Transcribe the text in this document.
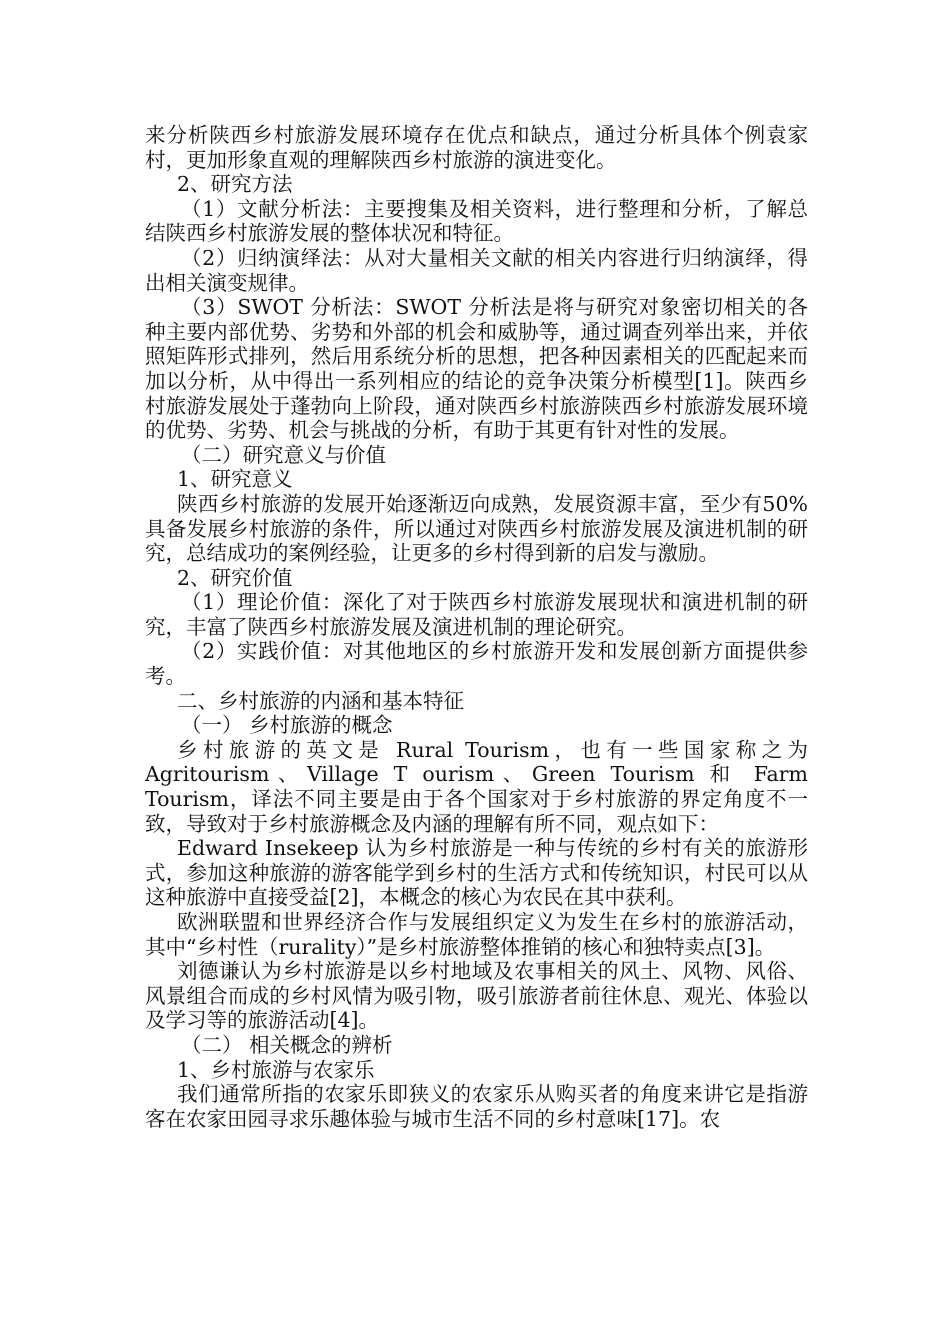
来分析陕西乡村旅游发展环境存在优点和缺点，通过分析具体个例袁家村，更加形象直观的理解陕西乡村旅游的演进变化。

2、研究方法

（1）文献分析法：主要搜集及相关资料，进行整理和分析，了解总结陕西乡村旅游发展的整体状况和特征。

（2）归纳演绎法：从对大量相关文献的相关内容进行归纳演绎，得出相关演变规律。

（3）SWOT 分析法：SWOT 分析法是将与研究对象密切相关的各种主要内部优势、劣势和外部的机会和威胁等，通过调查列举出来，并依照矩阵形式排列，然后用系统分析的思想，把各种因素相关的匹配起来而加以分析，从中得出一系列相应的结论的竞争决策分析模型[1]。陕西乡村旅游发展处于蓬勃向上阶段，通对陕西乡村旅游陕西乡村旅游发展环境的优势、劣势、机会与挑战的分析，有助于其更有针对性的发展。

（二）研究意义与价值

1、研究意义

陕西乡村旅游的发展开始逐渐迈向成熟，发展资源丰富，至少有50%具备发展乡村旅游的条件，所以通过对陕西乡村旅游发展及演进机制的研究，总结成功的案例经验，让更多的乡村得到新的启发与激励。

2、研究价值

（1）理论价值：深化了对于陕西乡村旅游发展现状和演进机制的研究，丰富了陕西乡村旅游发展及演进机制的理论研究。

（2）实践价值：对其他地区的乡村旅游开发和发展创新方面提供参考。

二、乡村旅游的内涵和基本特征

（一） 乡村旅游的概念

乡村旅游的英文是 Rural Tourism，也有一些国家称之为 Agritourism、Village T ourism、Green Tourism 和 Farm Tourism，译法不同主要是由于各个国家对于乡村旅游的界定角度不一致，导致对于乡村旅游概念及内涵的理解有所不同，观点如下：

Edward Insekeep 认为乡村旅游是一种与传统的乡村有关的旅游形式，参加这种旅游的游客能学到乡村的生活方式和传统知识，村民可以从这种旅游中直接受益[2]，本概念的核心为农民在其中获利。

欧洲联盟和世界经济合作与发展组织定义为发生在乡村的旅游活动，其中“乡村性（rurality）”是乡村旅游整体推销的核心和独特卖点[3]。

刘德谦认为乡村旅游是以乡村地域及农事相关的风土、风物、风俗、风景组合而成的乡村风情为吸引物，吸引旅游者前往休息、观光、体验以及学习等的旅游活动[4]。

（二） 相关概念的辨析

1、乡村旅游与农家乐

我们通常所指的农家乐即狭义的农家乐从购买者的角度来讲它是指游客在农家田园寻求乐趣体验与城市生活不同的乡村意味[17]。农
